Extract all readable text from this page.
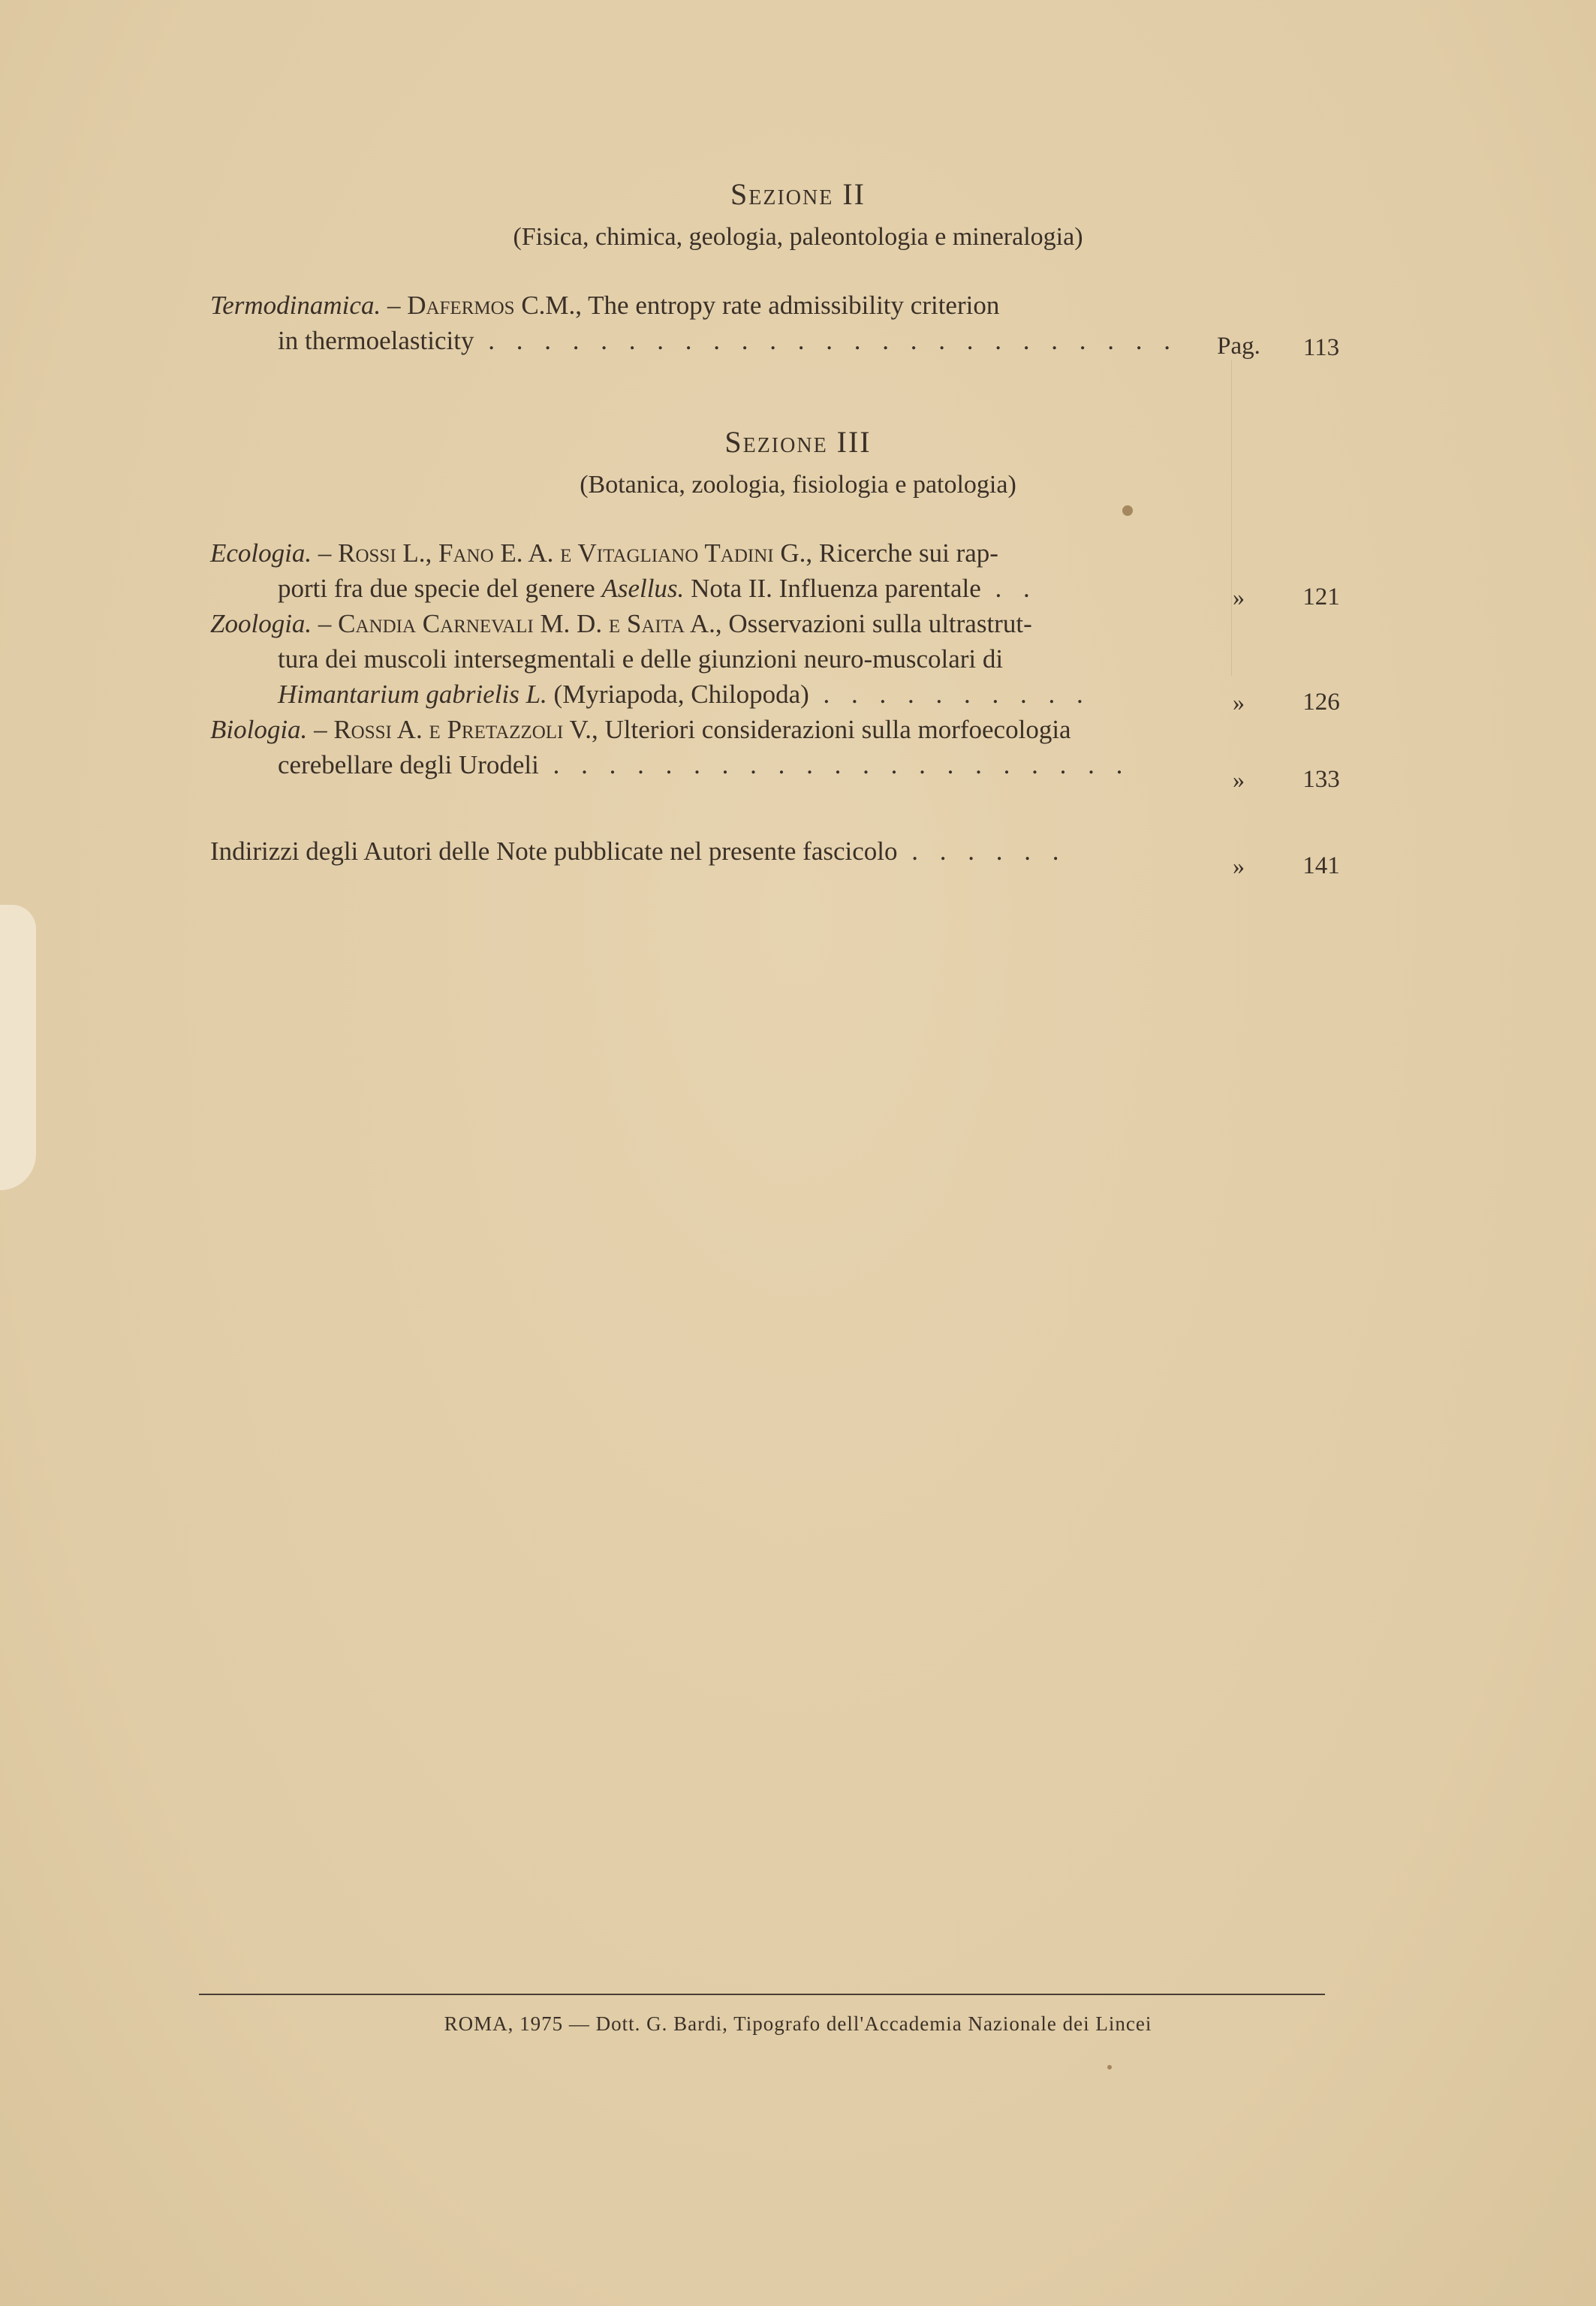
Sezione II
(Fisica, chimica, geologia, paleontologia e mineralogia)
Termodinamica. – Dafermos C.M., The entropy rate admissibility criterion
in thermoelasticity . . . . . . . . . . . . . . . . . . . . . . . . .	Pag.	113
Sezione III
(Botanica, zoologia, fisiologia e patologia)
Ecologia. – Rossi L., Fano E. A. e Vitagliano Tadini G., Ricerche sui rap-
porti fra due specie del genere Asellus. Nota II. Influenza parentale . .	»	121
Zoologia. – Candia Carnevali M. D. e Saita A., Osservazioni sulla ultrastrut-
tura dei muscoli intersegmentali e delle giunzioni neuro-muscolari di
Himantarium gabrielis L. (Myriapoda, Chilopoda) . . . . . . . . . .	»	126
Biologia. – Rossi A. e Pretazzoli V., Ulteriori considerazioni sulla morfoecologia
cerebellare degli Urodeli . . . . . . . . . . . . . . . . . . . . .	»	133
Indirizzi degli Autori delle Note pubblicate nel presente fascicolo . . . . . .	»	141
ROMA, 1975 — Dott. G. Bardi, Tipografo dell'Accademia Nazionale dei Lincei
